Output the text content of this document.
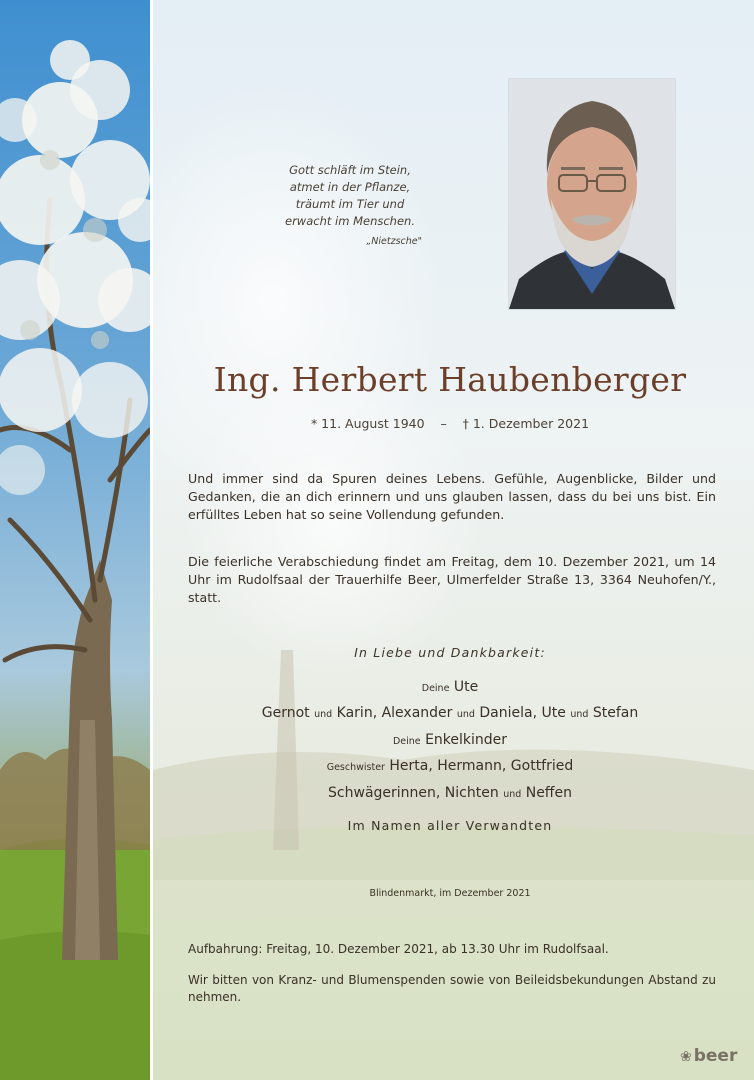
Gott schläft im Stein,
atmet in der Pflanze,
träumt im Tier und
erwacht im Menschen.
„Nietzsche"
Ing. Herbert Haubenberger
* 11. August 1940 – † 1. Dezember 2021
Und immer sind da Spuren deines Lebens. Gefühle, Augenblicke, Bilder und Gedanken, die an dich erinnern und uns glauben lassen, dass du bei uns bist. Ein erfülltes Leben hat so seine Vollendung gefunden.
Die feierliche Verabschiedung findet am Freitag, dem 10. Dezember 2021, um 14 Uhr im Rudolfsaal der Trauerhilfe Beer, Ulmerfelder Straße 13, 3364 Neuhofen/Y., statt.
In Liebe und Dankbarkeit:
Deine Ute
Gernot und Karin, Alexander und Daniela, Ute und Stefan
Deine Enkelkinder
Geschwister Herta, Hermann, Gottfried
Schwägerinnen, Nichten und Neffen
Im Namen aller Verwandten
Blindenmarkt, im Dezember 2021
Aufbahrung: Freitag, 10. Dezember 2021, ab 13.30 Uhr im Rudolfsaal.
Wir bitten von Kranz- und Blumenspenden sowie von Beileidsbekundungen Abstand zu nehmen.
❀ beer
